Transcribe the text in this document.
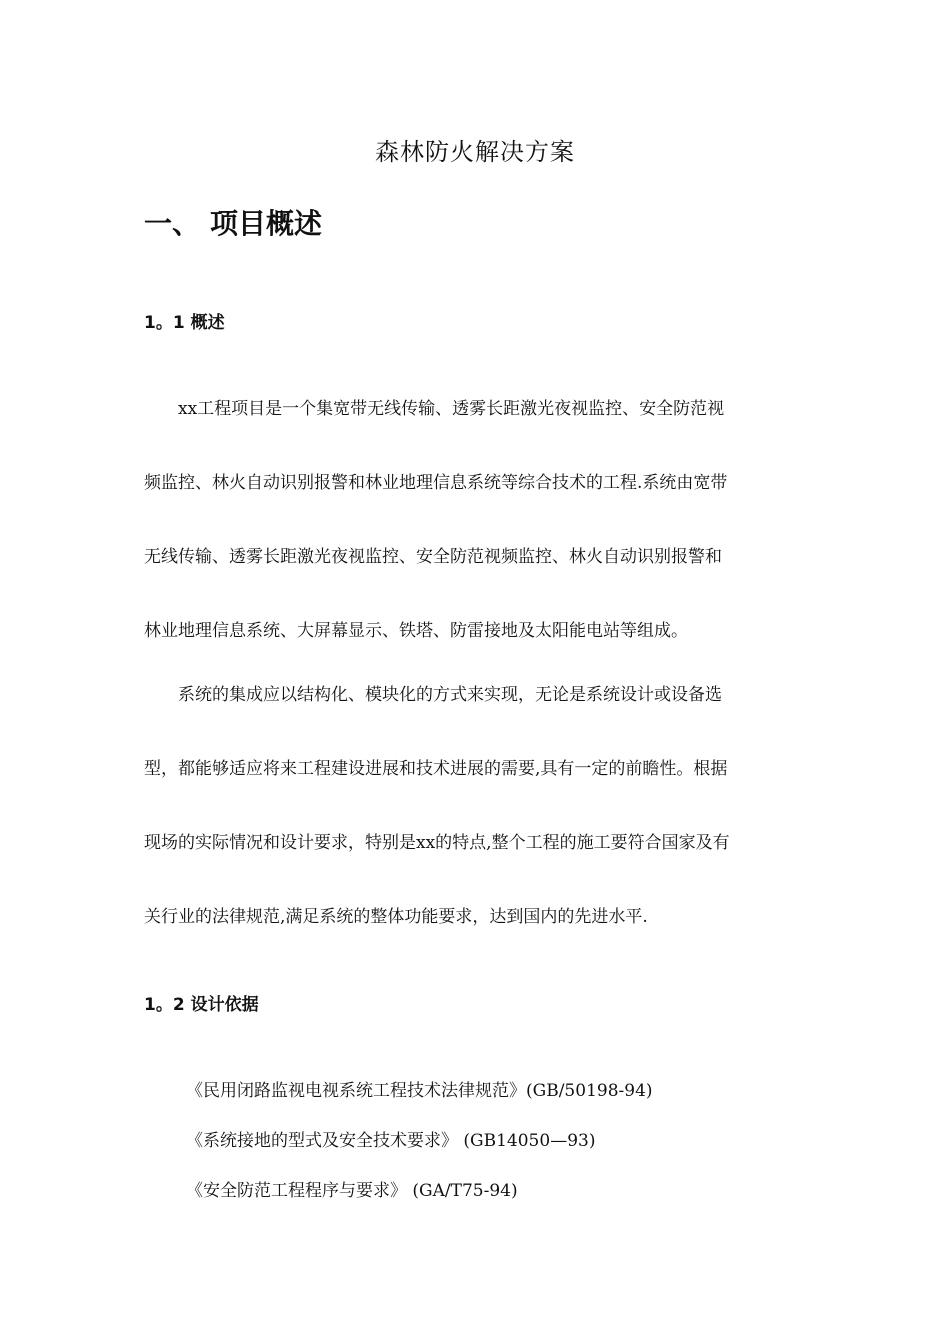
森林防火解决方案
一、 项目概述
1。1 概述
xx工程项目是一个集宽带无线传输、透雾长距激光夜视监控、安全防范视
频监控、林火自动识别报警和林业地理信息系统等综合技术的工程.系统由宽带
无线传输、透雾长距激光夜视监控、安全防范视频监控、林火自动识别报警和
林业地理信息系统、大屏幕显示、铁塔、防雷接地及太阳能电站等组成。
系统的集成应以结构化、模块化的方式来实现，无论是系统设计或设备选
型，都能够适应将来工程建设进展和技术进展的需要,具有一定的前瞻性。根据
现场的实际情况和设计要求，特别是xx的特点,整个工程的施工要符合国家及有
关行业的法律规范,满足系统的整体功能要求，达到国内的先进水平.
1。2 设计依据
《民用闭路监视电视系统工程技术法律规范》(GB/50198-94)
《系统接地的型式及安全技术要求》 (GB14050—93)
《安全防范工程程序与要求》 (GA/T75-94)
